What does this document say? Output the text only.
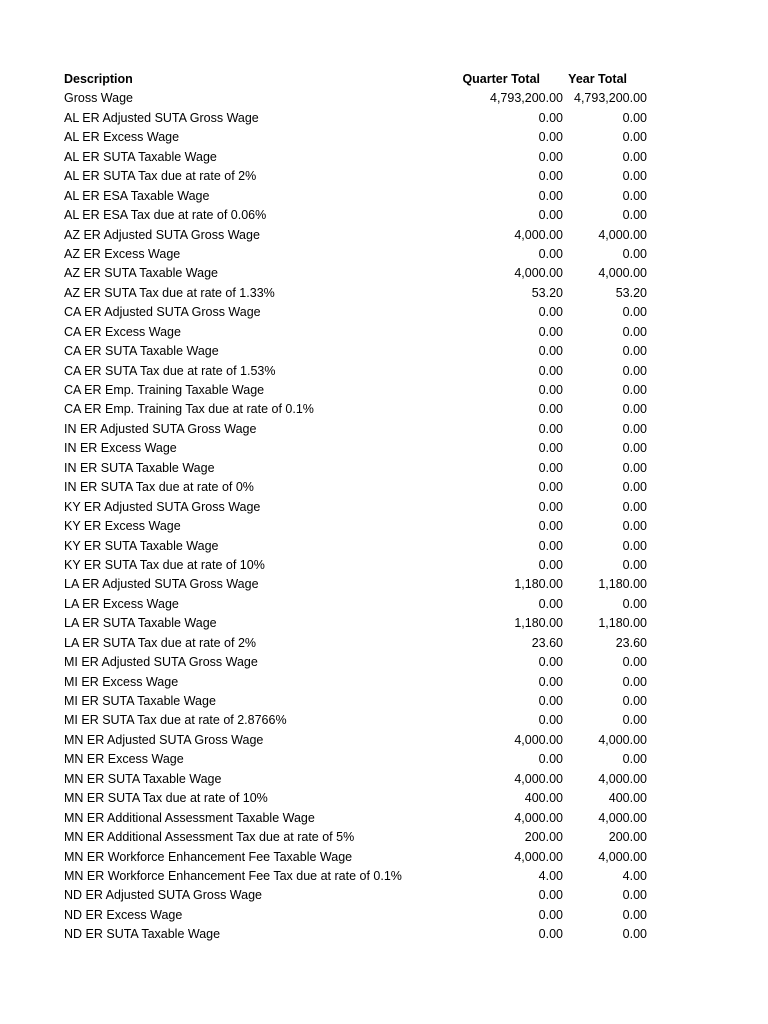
Description	Quarter Total Year Total
Gross Wage	4,793,200.00 4,793,200.00
AL ER Adjusted SUTA Gross Wage	0.00	0.00
AL ER Excess Wage	0.00	0.00
AL ER SUTA Taxable Wage	0.00	0.00
AL ER SUTA Tax due at rate of 2%	0.00	0.00
AL ER ESA Taxable Wage	0.00	0.00
AL ER ESA Tax due at rate of 0.06%	0.00	0.00
AZ ER Adjusted SUTA Gross Wage	4,000.00	4,000.00
AZ ER Excess Wage	0.00	0.00
AZ ER SUTA Taxable Wage	4,000.00	4,000.00
AZ ER SUTA Tax due at rate of 1.33%	53.20	53.20
CA ER Adjusted SUTA Gross Wage	0.00	0.00
CA ER Excess Wage	0.00	0.00
CA ER SUTA Taxable Wage	0.00	0.00
CA ER SUTA Tax due at rate of 1.53%	0.00	0.00
CA ER Emp. Training Taxable Wage	0.00	0.00
CA ER Emp. Training Tax due at rate of 0.1%	0.00	0.00
IN ER Adjusted SUTA Gross Wage	0.00	0.00
IN ER Excess Wage	0.00	0.00
IN ER SUTA Taxable Wage	0.00	0.00
IN ER SUTA Tax due at rate of 0%	0.00	0.00
KY ER Adjusted SUTA Gross Wage	0.00	0.00
KY ER Excess Wage	0.00	0.00
KY ER SUTA Taxable Wage	0.00	0.00
KY ER SUTA Tax due at rate of 10%	0.00	0.00
LA ER Adjusted SUTA Gross Wage	1,180.00	1,180.00
LA ER Excess Wage	0.00	0.00
LA ER SUTA Taxable Wage	1,180.00	1,180.00
LA ER SUTA Tax due at rate of 2%	23.60	23.60
MI ER Adjusted SUTA Gross Wage	0.00	0.00
MI ER Excess Wage	0.00	0.00
MI ER SUTA Taxable Wage	0.00	0.00
MI ER SUTA Tax due at rate of 2.8766%	0.00	0.00
MN ER Adjusted SUTA Gross Wage	4,000.00	4,000.00
MN ER Excess Wage	0.00	0.00
MN ER SUTA Taxable Wage	4,000.00	4,000.00
MN ER SUTA Tax due at rate of 10%	400.00	400.00
MN ER Additional Assessment Taxable Wage	4,000.00	4,000.00
MN ER Additional Assessment Tax due at rate of 5%	200.00	200.00
MN ER Workforce Enhancement Fee Taxable Wage	4,000.00	4,000.00
MN ER Workforce Enhancement Fee Tax due at rate of 0.1%	4.00	4.00
ND ER Adjusted SUTA Gross Wage	0.00	0.00
ND ER Excess Wage	0.00	0.00
ND ER SUTA Taxable Wage	0.00	0.00
